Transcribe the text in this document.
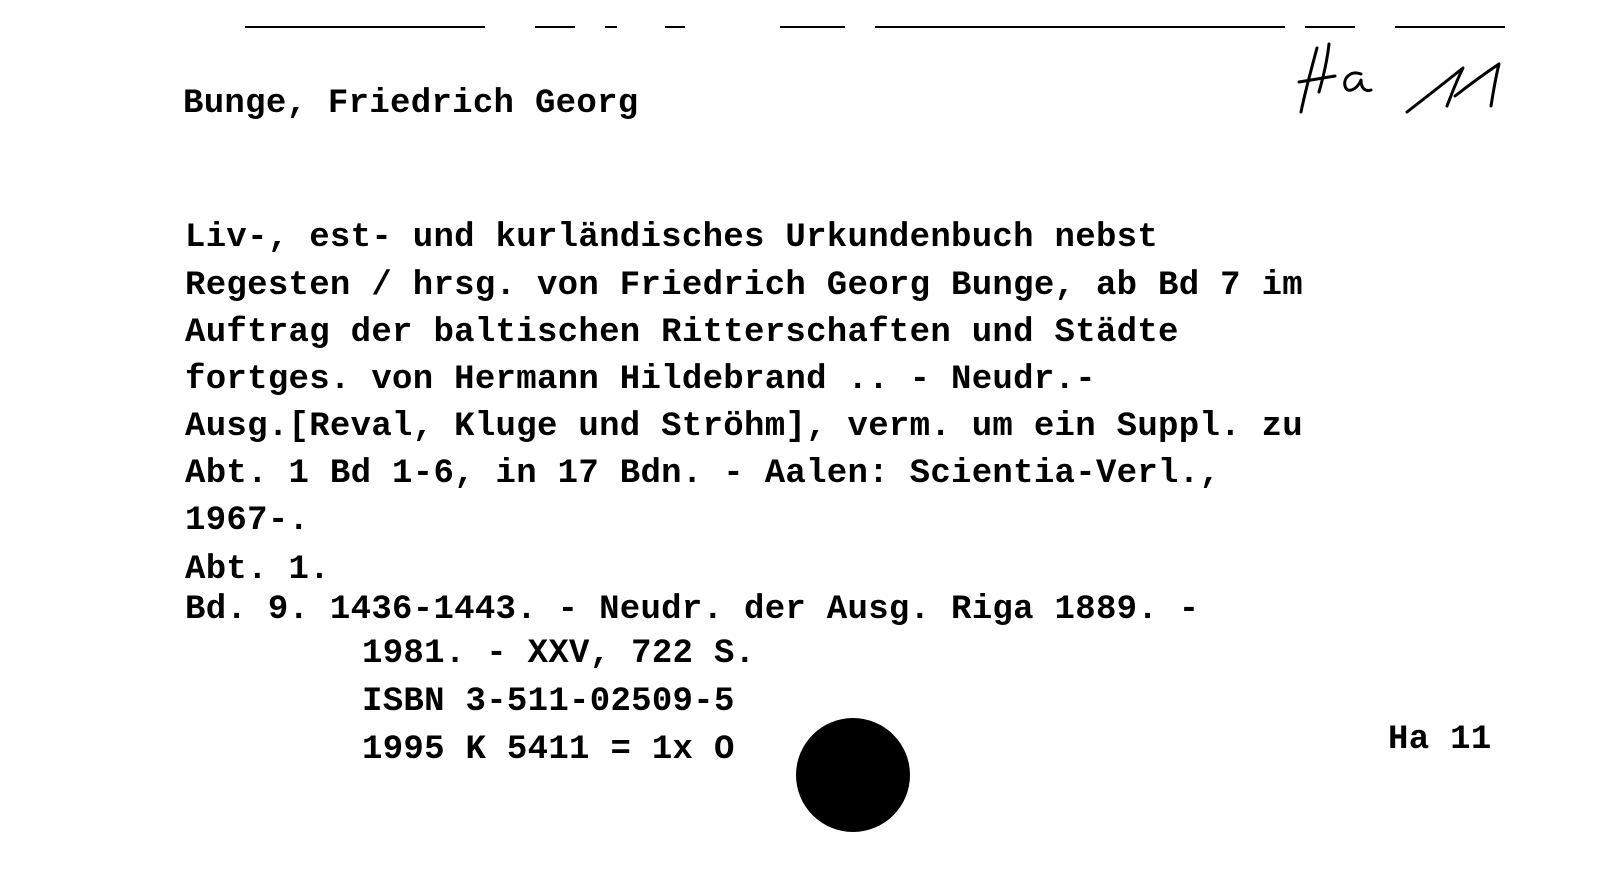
Bunge, Friedrich Georg
Liv-, est- und kurländisches Urkundenbuch nebst
Regesten / hrsg. von Friedrich Georg Bunge, ab Bd 7 im
Auftrag der baltischen Ritterschaften und Städte
fortges. von Hermann Hildebrand .. - Neudr.-
Ausg.[Reval, Kluge und Ströhm], verm. um ein Suppl. zu
Abt. 1 Bd 1-6, in 17 Bdn. - Aalen: Scientia-Verl.,
1967-.
Abt. 1.
Bd. 9. 1436-1443. - Neudr. der Ausg. Riga 1889. -
1981. - XXV, 722 S.
ISBN 3-511-02509-5
1995 K 5411 = 1x O	Ha 11
